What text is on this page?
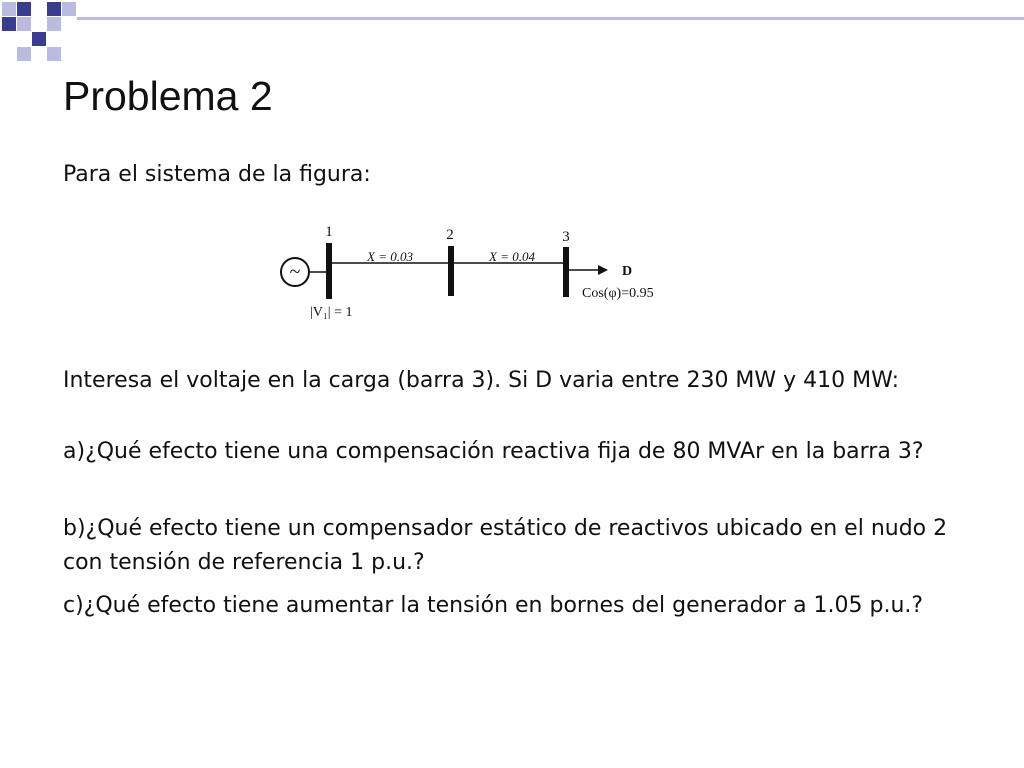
Problema 2

Para el sistema de la figura:

~
1
X = 0.03
2
X = 0.04
3
D
Cos(φ)=0.95
|V₁| = 1

Interesa el voltaje en la carga (barra 3). Si D varia entre 230 MW y 410 MW:

a)¿Qué efecto tiene una compensación reactiva fija de 80 MVAr en la barra 3?

b)¿Qué efecto tiene un compensador estático de reactivos ubicado en el nudo 2 con tensión de referencia 1 p.u.?

c)¿Qué efecto tiene aumentar la tensión en bornes del generador a 1.05 p.u.?
